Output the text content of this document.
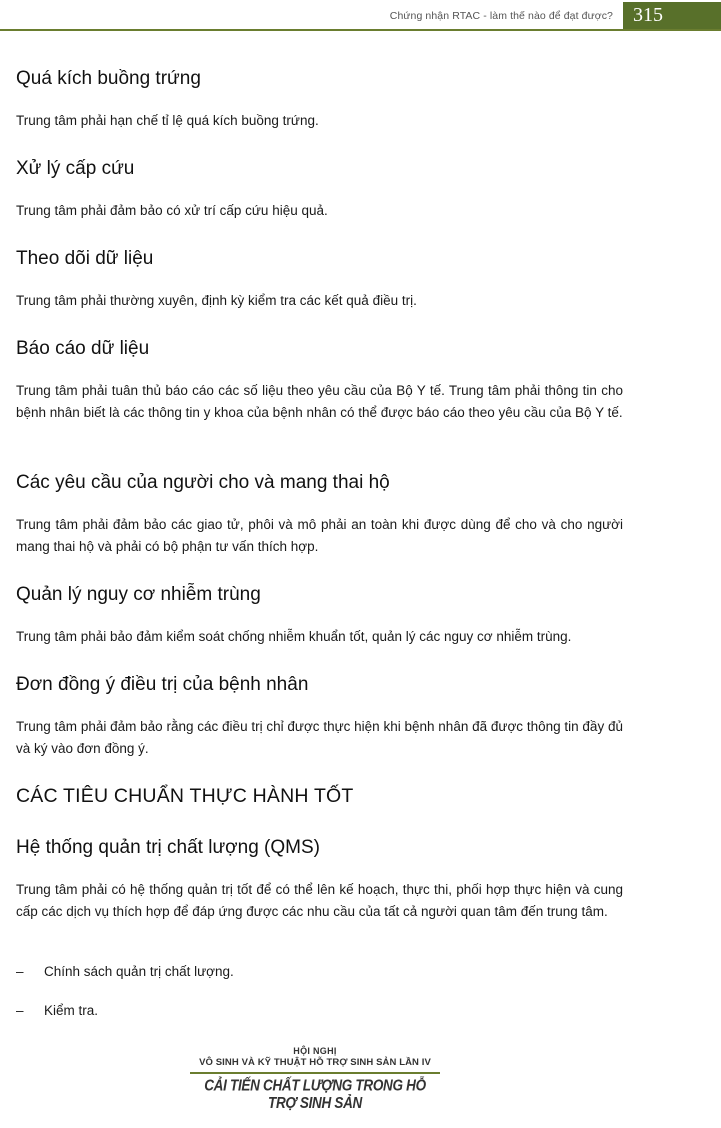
Chứng nhận RTAC - làm thế nào để đạt được?	315
Quá kích buồng trứng

Trung tâm phải hạn chế tỉ lệ quá kích buồng trứng.

Xử lý cấp cứu

Trung tâm phải đảm bảo có xử trí cấp cứu hiệu quả.

Theo dõi dữ liệu

Trung tâm phải thường xuyên, định kỳ kiểm tra các kết quả điều trị.

Báo cáo dữ liệu

Trung tâm phải tuân thủ báo cáo các số liệu theo yêu cầu của Bộ Y tế. Trung tâm phải thông tin cho bệnh nhân biết là các thông tin y khoa của bệnh nhân có thể được báo cáo theo yêu cầu của Bộ Y tế.

Các yêu cầu của người cho và mang thai hộ

Trung tâm phải đảm bảo các giao tử, phôi và mô phải an toàn khi được dùng để cho và cho người mang thai hộ và phải có bộ phận tư vấn thích hợp.

Quản lý nguy cơ nhiễm trùng

Trung tâm phải bảo đảm kiểm soát chống nhiễm khuẩn tốt, quản lý các nguy cơ nhiễm trùng.

Đơn đồng ý điều trị của bệnh nhân

Trung tâm phải đảm bảo rằng các điều trị chỉ được thực hiện khi bệnh nhân đã được thông tin đầy đủ và ký vào đơn đồng ý.

CÁC TIÊU CHUẨN THỰC HÀNH TỐT
Hệ thống quản trị chất lượng (QMS)

Trung tâm phải có hệ thống quản trị tốt để có thể lên kế hoạch, thực thi, phối hợp thực hiện và cung cấp các dịch vụ thích hợp để đáp ứng được các nhu cầu của tất cả người quan tâm đến trung tâm.

–	Chính sách quản trị chất lượng.
–	Kiểm tra.
HỘI NGHỊ
VÔ SINH VÀ KỸ THUẬT HỖ TRỢ SINH SẢN LẦN IV
CẢI TIẾN CHẤT LƯỢNG TRONG HỖ TRỢ SINH SẢN
